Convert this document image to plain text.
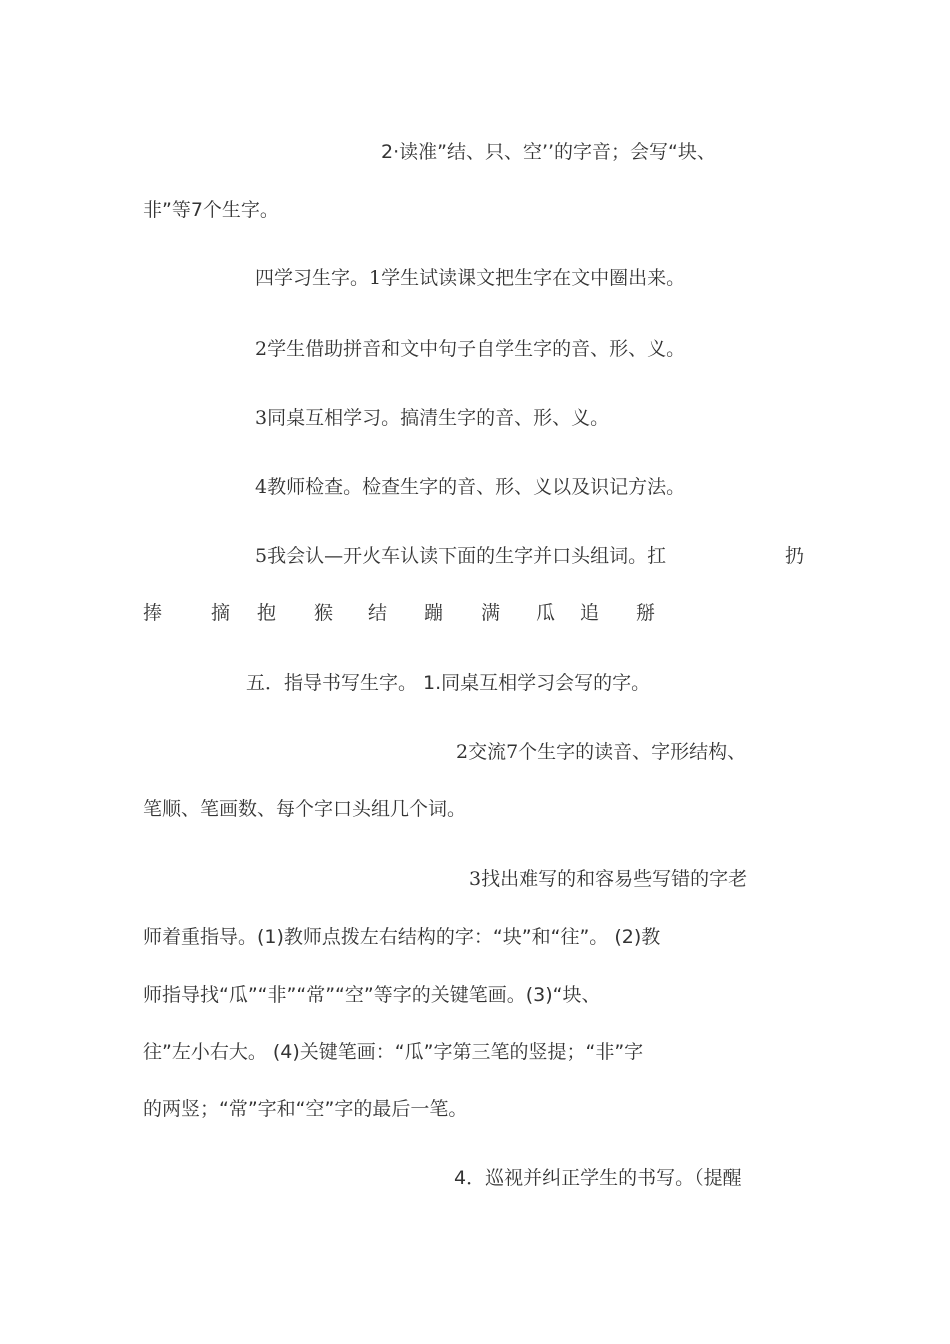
2·读准”结、只、空’’的字音；会写“块、
非”等7个生字。
四学习生字。1学生试读课文把生字在文中圈出来。
2学生借助拼音和文中句子自学生字的音、形、义。
3同桌互相学习。搞清生字的音、形、义。
4教师检查。检查生字的音、形、义以及识记方法。
5我会认—开火车认读下面的生字并口头组词。扛	扔

捧

	摘

抱

猴

结

蹦

满

瓜

追

掰

五．指导书写生字。 1.同桌互相学习会写的字。
2交流7个生字的读音、字形结构、
笔顺、笔画数、每个字口头组几个词。
3找出难写的和容易些写错的字老
师着重指导。(1)教师点拨左右结构的字：“块”和“往”。 (2)教
师指导找“瓜”“非”“常”“空”等字的关键笔画。(3)“块、
往”左小右大。 (4)关键笔画：“瓜”字第三笔的竖提；“非”字
的两竖；“常”字和“空”字的最后一笔。
4．巡视并纠正学生的书写。（提醒
